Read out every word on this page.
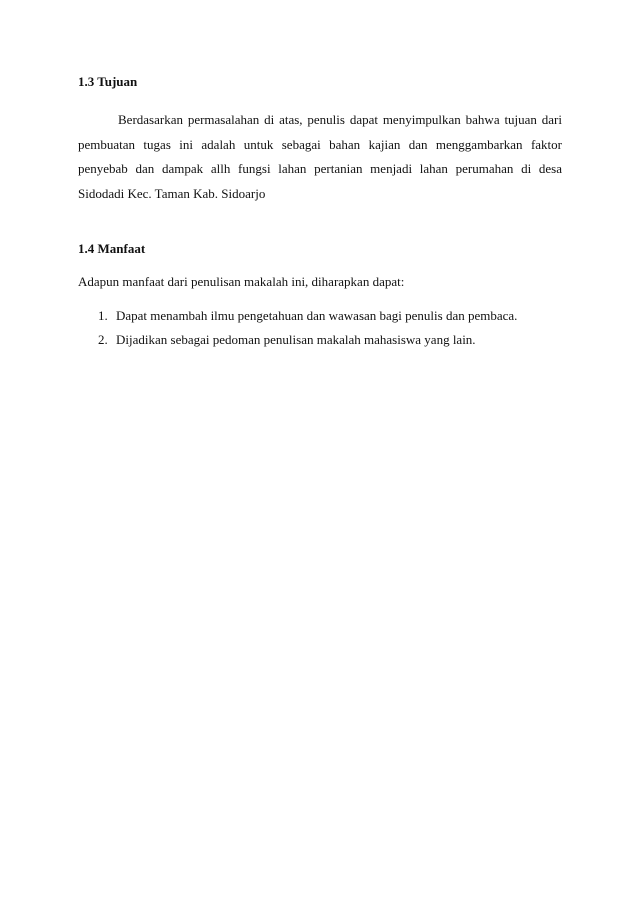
1.3 Tujuan

Berdasarkan permasalahan di atas, penulis dapat menyimpulkan bahwa tujuan dari pembuatan tugas ini adalah untuk sebagai bahan kajian dan menggambarkan faktor penyebab dan dampak allh fungsi lahan pertanian menjadi lahan perumahan di desa Sidodadi Kec. Taman Kab. Sidoarjo

1.4 Manfaat

Adapun manfaat dari penulisan makalah ini, diharapkan dapat:

1. Dapat menambah ilmu pengetahuan dan wawasan bagi penulis dan pembaca.
2. Dijadikan sebagai pedoman penulisan makalah mahasiswa yang lain.
